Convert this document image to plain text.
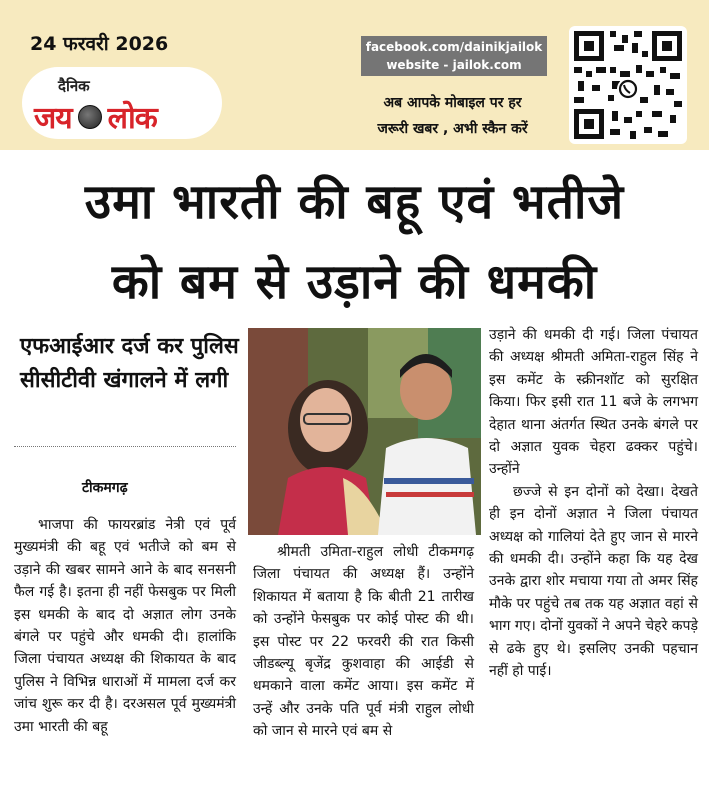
24 फरवरी 2026
दैनिक
जय लोक
facebook.com/dainikjailok
website - jailok.com
अब आपके मोबाइल पर हर
जरूरी खबर , अभी स्कैन करें
उमा भारती की बहू एवं भतीजे
को बम से उड़ाने की धमकी
एफआईआर दर्ज कर पुलिस सीसीटीवी खंगालने में लगी
टीकमगढ़
भाजपा की फायरब्रांड नेत्री एवं पूर्व मुख्यमंत्री की बहू एवं भतीजे को बम से उड़ाने की खबर सामने आने के बाद सनसनी फैल गई है। इतना ही नहीं फेसबुक पर मिली इस धमकी के बाद दो अज्ञात लोग उनके बंगले पर पहुंचे और धमकी दी। हालांकि जिला पंचायत अध्यक्ष की शिकायत के बाद पुलिस ने विभिन्न धाराओं में मामला दर्ज कर जांच शुरू कर दी है। दरअसल पूर्व मुख्यमंत्री उमा भारती की बहू
श्रीमती उमिता-राहुल लोधी टीकमगढ़ जिला पंचायत की अध्यक्ष हैं। उन्होंने शिकायत में बताया है कि बीती 21 तारीख को उन्होंने फेसबुक पर कोई पोस्ट की थी। इस पोस्ट पर 22 फरवरी की रात किसी जीडब्ल्यू बृजेंद्र कुशवाहा की आईडी से धमकाने वाला कमेंट आया। इस कमेंट में उन्हें और उनके पति पूर्व मंत्री राहुल लोधी को जान से मारने एवं बम से
उड़ाने की धमकी दी गई। जिला पंचायत की अध्यक्ष श्रीमती अमिता-राहुल सिंह ने इस कमेंट के स्क्रीनशॉट को सुरक्षित किया। फिर इसी रात 11 बजे के लगभग देहात थाना अंतर्गत स्थित उनके बंगले पर दो अज्ञात युवक चेहरा ढक्कर पहुंचे। उन्होंने
छज्जे से इन दोनों को देखा। देखते ही इन दोनों अज्ञात ने जिला पंचायत अध्यक्ष को गालियां देते हुए जान से मारने की धमकी दी। उन्होंने कहा कि यह देख उनके द्वारा शोर मचाया गया तो अमर सिंह मौके पर पहुंचे तब तक यह अज्ञात वहां से भाग गए। दोनों युवकों ने अपने चेहरे कपड़े से ढके हुए थे। इसलिए उनकी पहचान नहीं हो पाई।
